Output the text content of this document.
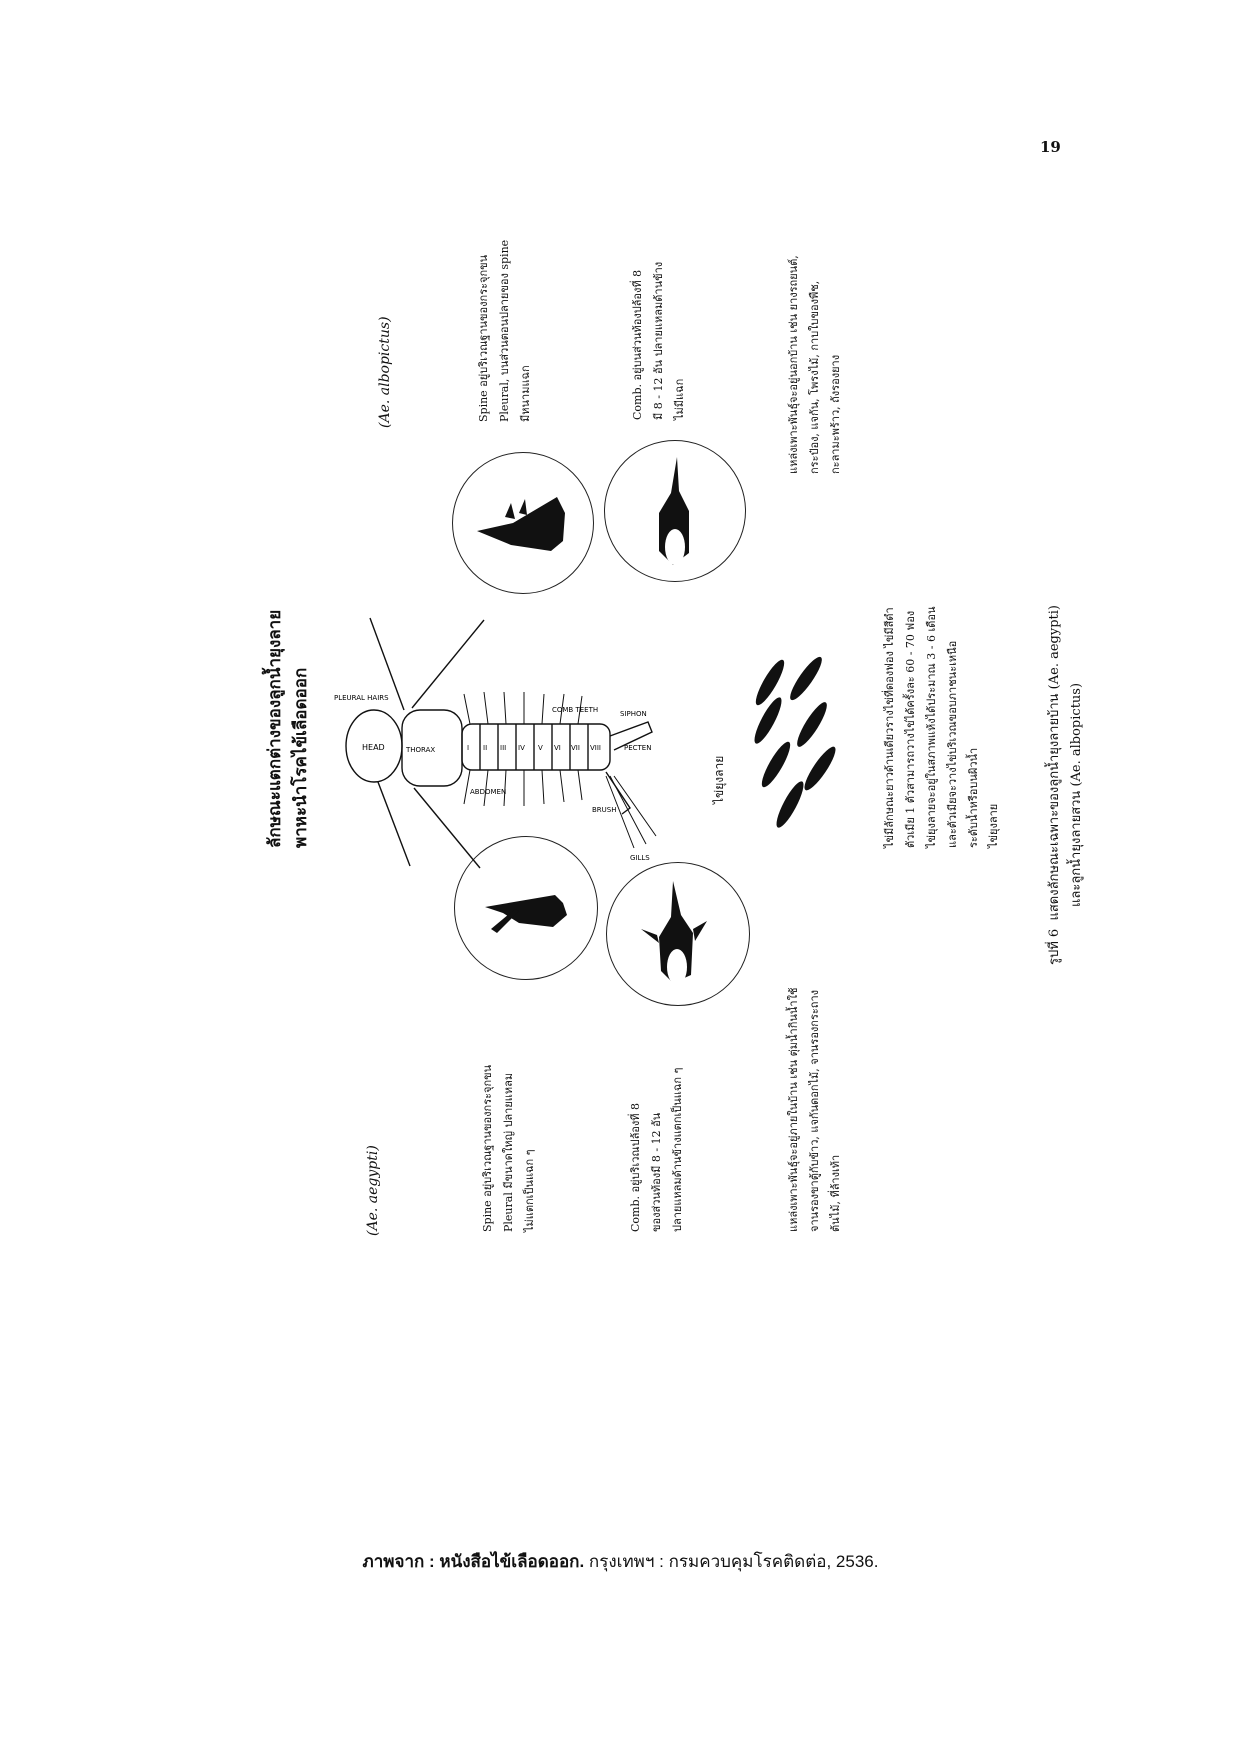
19
ลักษณะแตกต่างของลูกน้ำยุงลาย พาหะนำโรคไข้เลือดออก
(Ae. aegypti)
(Ae. albopictus)
Spine อยู่บริเวณฐานของกระจุกขน Pleural มีขนาดใหญ่ ปลายแหลม ไม่แตกเป็นแฉก ๆ	Comb. อยู่บริเวณปล้องที่ 8 ของส่วนท้องมี 8 - 12 อัน ปลายแหลมด้านข้างแตกเป็นแฉก ๆ	แหล่งเพาะพันธุ์จะอยู่ภายในบ้าน เช่น ตุ่มน้ำกินน้ำใช้ จานรองขาตู้กับข้าว, แจกันดอกไม้, จานรองกระถาง ต้นไม้, ที่ล้างเท้า
Spine อยู่บริเวณฐานของกระจุกขน Pleural, บนส่วนตอนปลายของ spine มีหนามแฉก	Comb. อยู่บนส่วนท้องปล้องที่ 8 มี 8 - 12 อัน ปลายแหลมด้านข้าง ไม่มีแฉก	แหล่งเพาะพันธุ์จะอยู่นอกบ้าน เช่น ยางรถยนต์, กระป๋อง, แจกัน, โพรงไม้, กาบใบของพืช, กะลามะพร้าว, ถังรองยาง
ไข่มีลักษณะยาวด้านเดียวรางไข่ที่ดองฟอง ไข่มีสีดำ ตัวเมีย 1 ตัวสามารถวางไข่ได้ครั้งละ 60 - 70 ฟอง ไข่ยุงลายจะอยู่ในสภาพแห้งได้ประมาณ 3 - 6 เดือน และตัวเมียจะวางไข่บริเวณขอบภาชนะเหนือ ระดับน้ำหรือบนผิวน้ำ ไข่ยุงลาย
รูปที่ 6  แสดงลักษณะเฉพาะของลูกน้ำยุงลายบ้าน (Ae. aegypti) และลูกน้ำยุงลายสวน (Ae. albopictus)
ไข่ยุงลาย
HEAD	THORAX
ABDOMEN
BRUSH
GILLS
SIPHON
PECTEN
COMB TEETH
PLEURAL HAIRS
I II III IV V VI VII VIII
ภาพจาก : หนังสือไข้เลือดออก. กรุงเทพฯ : กรมควบคุมโรคติดต่อ, 2536.
